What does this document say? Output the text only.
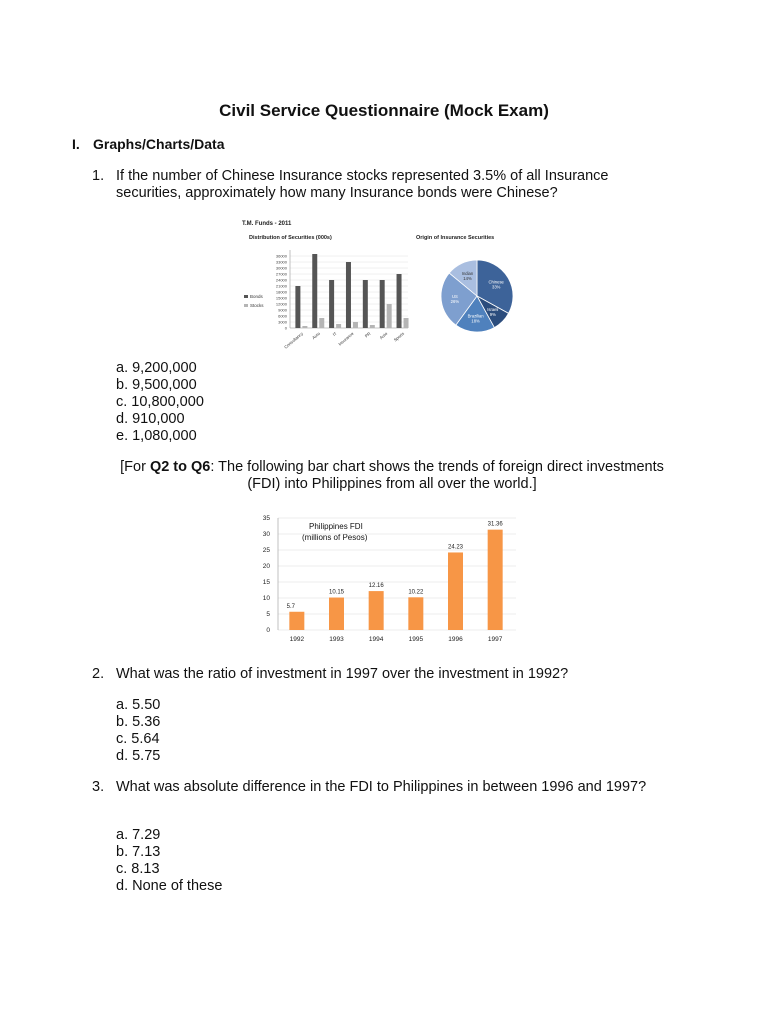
Civil Service Questionnaire (Mock Exam)
I. Graphs/Charts/Data
1. If the number of Chinese Insurance stocks represented 3.5% of all Insurance securities, approximately how many Insurance bonds were Chinese?
T.M. Funds - 2011
Distribution of Securities (000s)	Origin of Insurance Securities
36000
33000
30000
27000
24000
21000
18000
15000
12000
9000
6000
3000
0
Consultancy Auto	IT Insurance PR Auto Sports
Bonds
Stocks
Chinese
33%
Israeli
9%
Brazilian
18%
US
26%
Indian
14%
a. 9,200,000
b. 9,500,000
c. 10,800,000
d. 910,000
e. 1,080,000
[For Q2 to Q6: The following bar chart shows the trends of foreign direct investments
(FDI) into Philippines from all over the world.]
Philippines FDI
(millions of Pesos)
35
30
25
20
15
10
5
0
5.7
10.15
12.16
10.22
24.23
31.36
1992	1993	1994	1995	1996	1997
2. What was the ratio of investment in 1997 over the investment in 1992?
a. 5.50
b. 5.36
c. 5.64
d. 5.75
3. What was absolute difference in the FDI to Philippines in between 1996 and 1997?
a. 7.29
b. 7.13
c. 8.13
d. None of these
